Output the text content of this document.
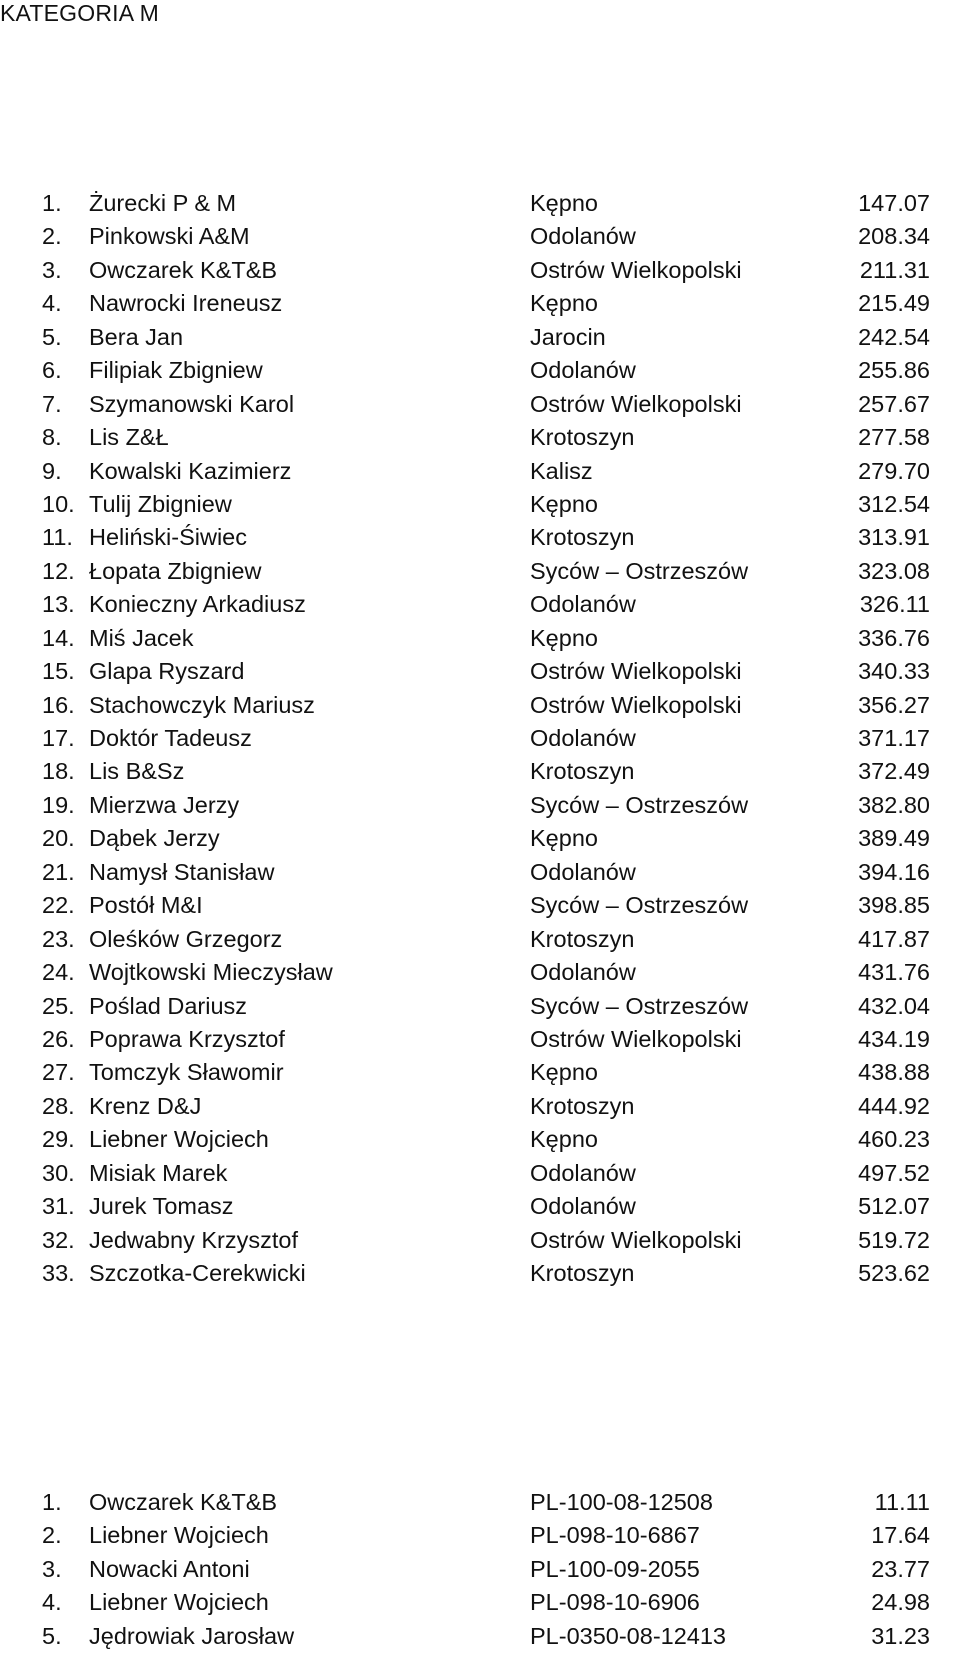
KATEGORIA M
1. Żurecki P & M	Kępno	147.07
2. Pinkowski A&M	Odolanów	208.34
3. Owczarek K&T&B	Ostrów Wielkopolski	211.31
4. Nawrocki Ireneusz	Kępno	215.49
5. Bera Jan	Jarocin	242.54
6. Filipiak Zbigniew	Odolanów	255.86
7. Szymanowski Karol	Ostrów Wielkopolski	257.67
8. Lis Z&Ł	Krotoszyn	277.58
9. Kowalski Kazimierz	Kalisz	279.70
10. Tulij Zbigniew	Kępno	312.54
11. Heliński-Śiwiec	Krotoszyn	313.91
12. Łopata Zbigniew	Syców – Ostrzeszów	323.08
13. Konieczny Arkadiusz	Odolanów	326.11
14. Miś Jacek	Kępno	336.76
15. Glapa Ryszard	Ostrów Wielkopolski	340.33
16. Stachowczyk Mariusz	Ostrów Wielkopolski	356.27
17. Doktór Tadeusz	Odolanów	371.17
18. Lis B&Sz	Krotoszyn	372.49
19. Mierzwa Jerzy	Syców – Ostrzeszów	382.80
20. Dąbek Jerzy	Kępno	389.49
21. Namysł Stanisław	Odolanów	394.16
22. Postół M&I	Syców – Ostrzeszów	398.85
23. Oleśków Grzegorz	Krotoszyn	417.87
24. Wojtkowski Mieczysław	Odolanów	431.76
25. Poślad Dariusz	Syców – Ostrzeszów	432.04
26. Poprawa Krzysztof	Ostrów Wielkopolski	434.19
27. Tomczyk Sławomir	Kępno	438.88
28. Krenz D&J	Krotoszyn	444.92
29. Liebner Wojciech	Kępno	460.23
30. Misiak Marek	Odolanów	497.52
31. Jurek Tomasz	Odolanów	512.07
32. Jedwabny Krzysztof	Ostrów Wielkopolski	519.72
33. Szczotka-Cerekwicki	Krotoszyn	523.62
1. Owczarek K&T&B	PL-100-08-12508	11.11
2. Liebner Wojciech	PL-098-10-6867	17.64
3. Nowacki Antoni	PL-100-09-2055	23.77
4. Liebner Wojciech	PL-098-10-6906	24.98
5. Jędrowiak Jarosław	PL-0350-08-12413	31.23
